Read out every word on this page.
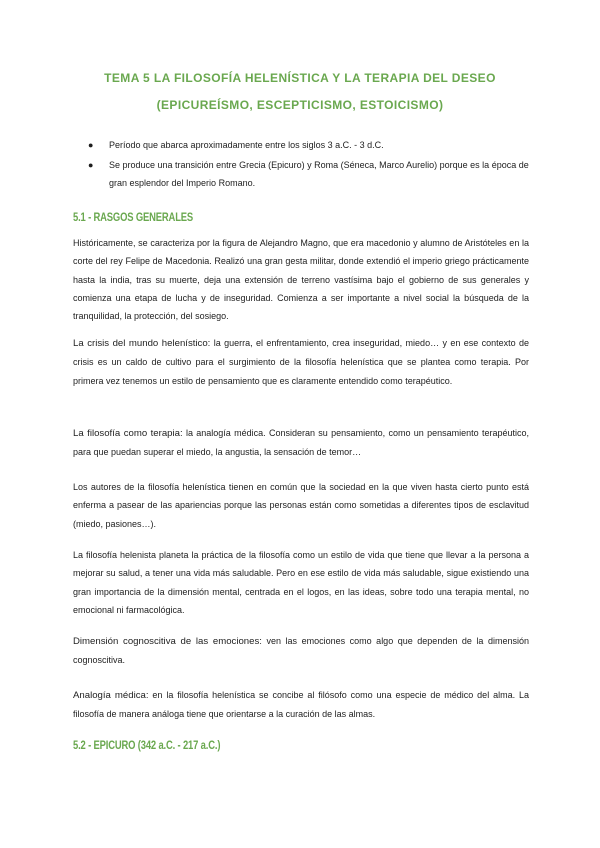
TEMA 5 LA FILOSOFÍA HELENÍSTICA Y LA TERAPIA DEL DESEO
(EPICUREÍSMO, ESCEPTICISMO, ESTOICISMO)
● Período que abarca aproximadamente entre los siglos 3 a.C. - 3 d.C.
● Se produce una transición entre Grecia (Epicuro) y Roma (Séneca, Marco Aurelio) porque es la época de gran esplendor del Imperio Romano.
5.1 - RASGOS GENERALES

Históricamente, se caracteriza por la figura de Alejandro Magno, que era macedonio y alumno de Aristóteles en la corte del rey Felipe de Macedonia. Realizó una gran gesta militar, donde extendió el imperio griego prácticamente hasta la india, tras su muerte, deja una extensión de terreno vastísima bajo el gobierno de sus generales y comienza una etapa de lucha y de inseguridad. Comienza a ser importante a nivel social la búsqueda de la tranquilidad, la protección, del sosiego.

La crisis del mundo helenístico: la guerra, el enfrentamiento, crea inseguridad, miedo… y en ese contexto de crisis es un caldo de cultivo para el surgimiento de la filosofía helenística que se plantea como terapia. Por primera vez tenemos un estilo de pensamiento que es claramente entendido como terapéutico.

La filosofía como terapia: la analogía médica. Consideran su pensamiento, como un pensamiento terapéutico, para que puedan superar el miedo, la angustia, la sensación de temor…

Los autores de la filosofía helenística tienen en común que la sociedad en la que viven hasta cierto punto está enferma a pasear de las apariencias porque las personas están como sometidas a diferentes tipos de esclavitud (miedo, pasiones…).

La filosofía helenista planeta la práctica de la filosofía como un estilo de vida que tiene que llevar a la persona a mejorar su salud, a tener una vida más saludable. Pero en ese estilo de vida más saludable, sigue existiendo una gran importancia de la dimensión mental, centrada en el logos, en las ideas, sobre todo una terapia mental, no emocional ni farmacológica.

Dimensión cognoscitiva de las emociones: ven las emociones como algo que dependen de la dimensión cognoscitiva.

Analogía médica: en la filosofía helenística se concibe al filósofo como una especie de médico del alma. La filosofía de manera análoga tiene que orientarse a la curación de las almas.

5.2 - EPICURO (342 a.C. - 217 a.C.)
